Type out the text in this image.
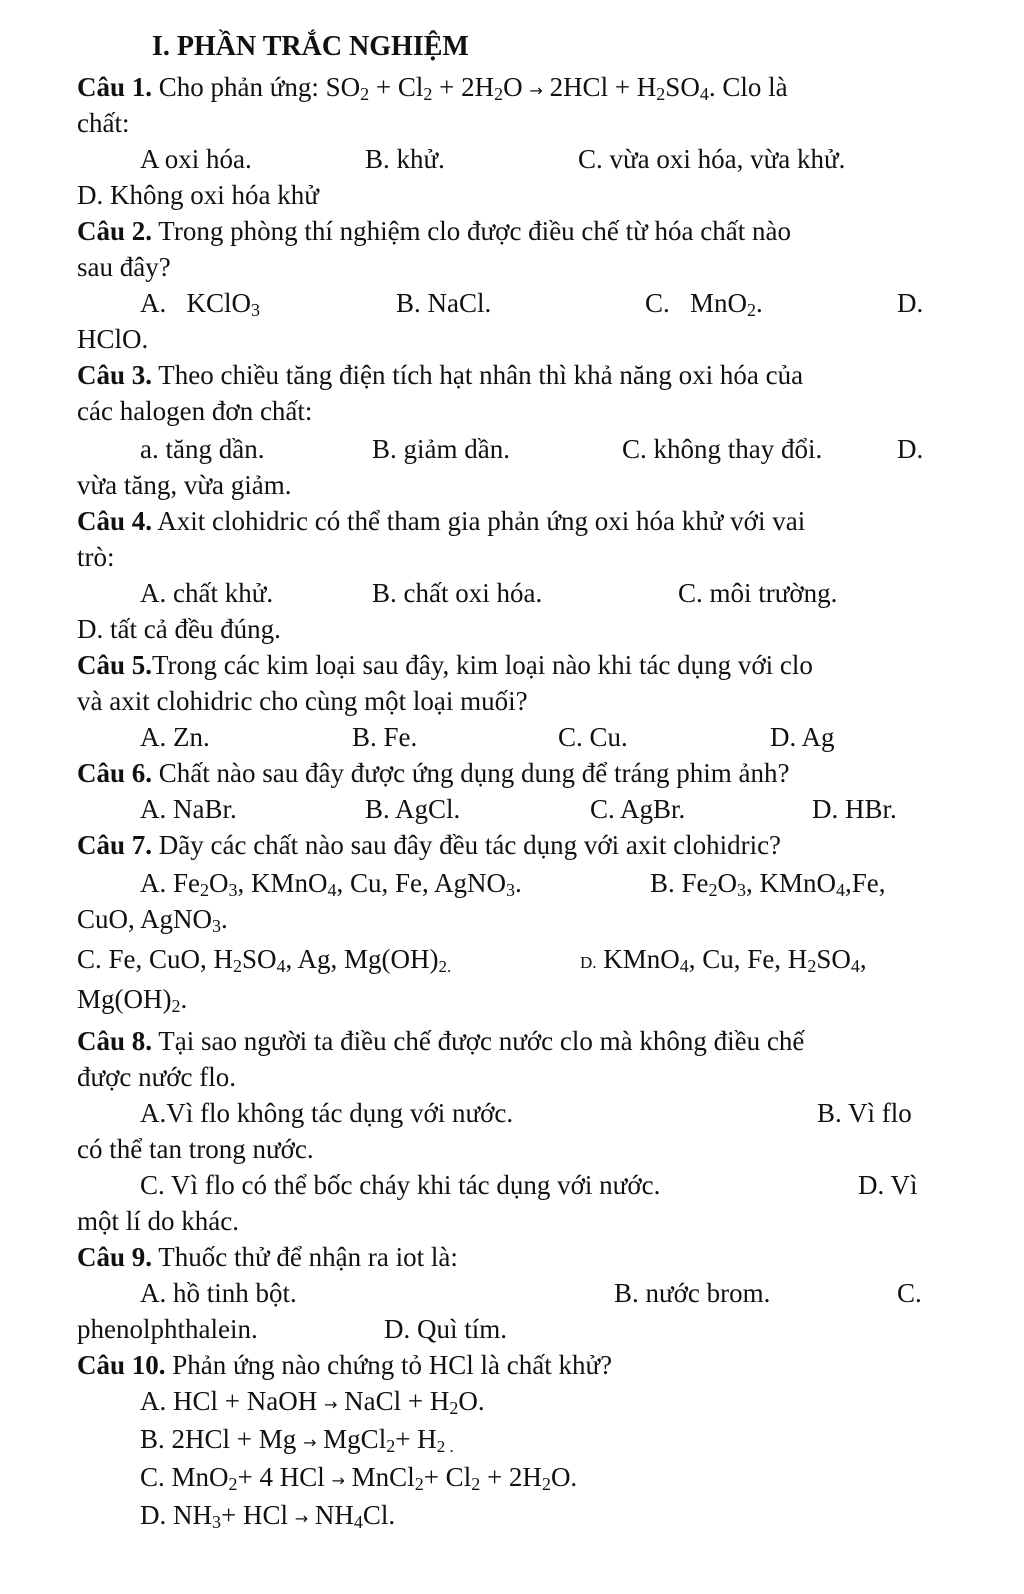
I. PHẦN TRẮC NGHIỆM
Câu 1. Cho phản ứng: $SO_2 + Cl_2 + 2H_2O \to 2HCl + H_2SO_4$. Clo là
chất:
A oxi hóa.	B. khử.	C. vừa oxi hóa, vừa khử.
D. Không oxi hóa khử
Câu 2. Trong phòng thí nghiệm clo được điều chế từ hóa chất nào
sau đây?
A. KClO$_3$	B. NaCl.	C. MnO$_2$.	D.
HClO.
Câu 3. Theo chiều tăng điện tích hạt nhân thì khả năng oxi hóa của
các halogen đơn chất:
a. tăng dần.	B. giảm dần.	C. không thay đổi.	D.
vừa tăng, vừa giảm.
Câu 4. Axit clohidric có thể tham gia phản ứng oxi hóa khử với vai
trò:
A. chất khử.	B. chất oxi hóa.	C. môi trường.
D. tất cả đều đúng.
Câu 5.Trong các kim loại sau đây, kim loại nào khi tác dụng với clo
và axit clohidric cho cùng một loại muối?
A. Zn.	B. Fe.	C. Cu.	D. Ag
Câu 6. Chất nào sau đây được ứng dụng dung để tráng phim ảnh?
A. NaBr.	B. AgCl.	C. AgBr.	D. HBr.
Câu 7. Dãy các chất nào sau đây đều tác dụng với axit clohidric?
A. $Fe_2O_3$, KMnO$_4$, Cu, Fe, AgNO$_3$.	B. $Fe_2O_3$, KMnO$_4$,Fe,
CuO, AgNO$_3$.
C. Fe, CuO, $H_2SO_4$, Ag, $Mg(OH)_{2.}$	D. KMnO$_4$, Cu, Fe, $H_2SO_4$,
$Mg(OH)_2$.
Câu 8. Tại sao người ta điều chế được nước clo mà không điều chế
được nước flo.
A.Vì flo không tác dụng với nước.	B. Vì flo
có thể tan trong nước.
C. Vì flo có thể bốc cháy khi tác dụng với nước.	D. Vì
một lí do khác.
Câu 9. Thuốc thử để nhận ra iot là:
A. hồ tinh bột.	B. nước brom.	C.
phenolphthalein.	D. Quì tím.
Câu 10. Phản ứng nào chứng tỏ HCl là chất khử?
A. HCl + NaOH → NaCl + $H_2O$.
B. 2HCl + Mg → MgCl$_2$+ $H_{2 .}$
C. MnO$_2$+ 4 HCl → MnCl$_2$+ $Cl_2 + 2H_2O$.
D. $NH_3+$ HCl → $NH_4Cl$.
